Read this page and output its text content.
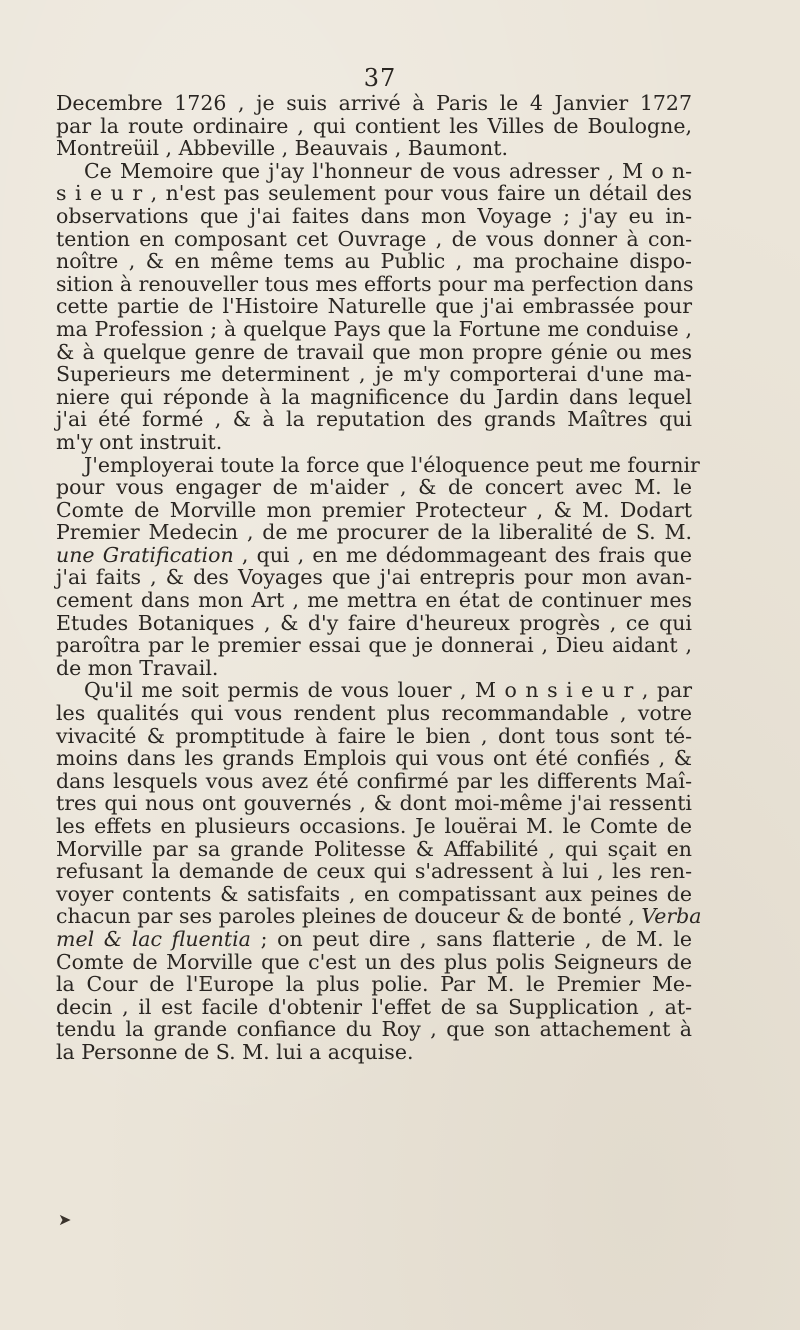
37
Decembre 1726 , je suis arrivé à Paris le 4 Janvier 1727
par la route ordinaire , qui contient les Villes de Boulogne,
Montreüil , Abbeville , Beauvais , Baumont.
Ce Memoire que j'ay l'honneur de vous adresser , M o n-
s i e u r , n'est pas seulement pour vous faire un détail des
observations que j'ai faites dans mon Voyage ; j'ay eu in-
tention en composant cet Ouvrage , de vous donner à con-
noître , & en même tems au Public , ma prochaine dispo-
sition à renouveller tous mes efforts pour ma perfection dans
cette partie de l'Histoire Naturelle que j'ai embrassée pour
ma Profession ; à quelque Pays que la Fortune me conduise ,
& à quelque genre de travail que mon propre génie ou mes
Superieurs me determinent , je m'y comporterai d'une ma-
niere qui réponde à la magnificence du Jardin dans lequel
j'ai été formé , & à la reputation des grands Maîtres qui
m'y ont instruit.
J'employerai toute la force que l'éloquence peut me fournir
pour vous engager de m'aider , & de concert avec M. le
Comte de Morville mon premier Protecteur , & M. Dodart
Premier Medecin , de me procurer de la liberalité de S. M.
une Gratification , qui , en me dédommageant des frais que
j'ai faits , & des Voyages que j'ai entrepris pour mon avan-
cement dans mon Art , me mettra en état de continuer mes
Etudes Botaniques , & d'y faire d'heureux progrès , ce qui
paroîtra par le premier essai que je donnerai , Dieu aidant ,
de mon Travail.
Qu'il me soit permis de vous louer , M o n s i e u r , par
les qualités qui vous rendent plus recommandable , votre
vivacité & promptitude à faire le bien , dont tous sont té-
moins dans les grands Emplois qui vous ont été confiés , &
dans lesquels vous avez été confirmé par les differents Maî-
tres qui nous ont gouvernés , & dont moi-même j'ai ressenti
les effets en plusieurs occasions. Je louërai M. le Comte de
Morville par sa grande Politesse & Affabilité , qui sçait en
refusant la demande de ceux qui s'adressent à lui , les ren-
voyer contents & satisfaits , en compatissant aux peines de
chacun par ses paroles pleines de douceur & de bonté , Verba
mel & lac fluentia ; on peut dire , sans flatterie , de M. le
Comte de Morville que c'est un des plus polis Seigneurs de
la Cour de l'Europe la plus polie. Par M. le Premier Me-
decin , il est facile d'obtenir l'effet de sa Supplication , at-
tendu la grande confiance du Roy , que son attachement à
la Personne de S. M. lui a acquise.
➤
